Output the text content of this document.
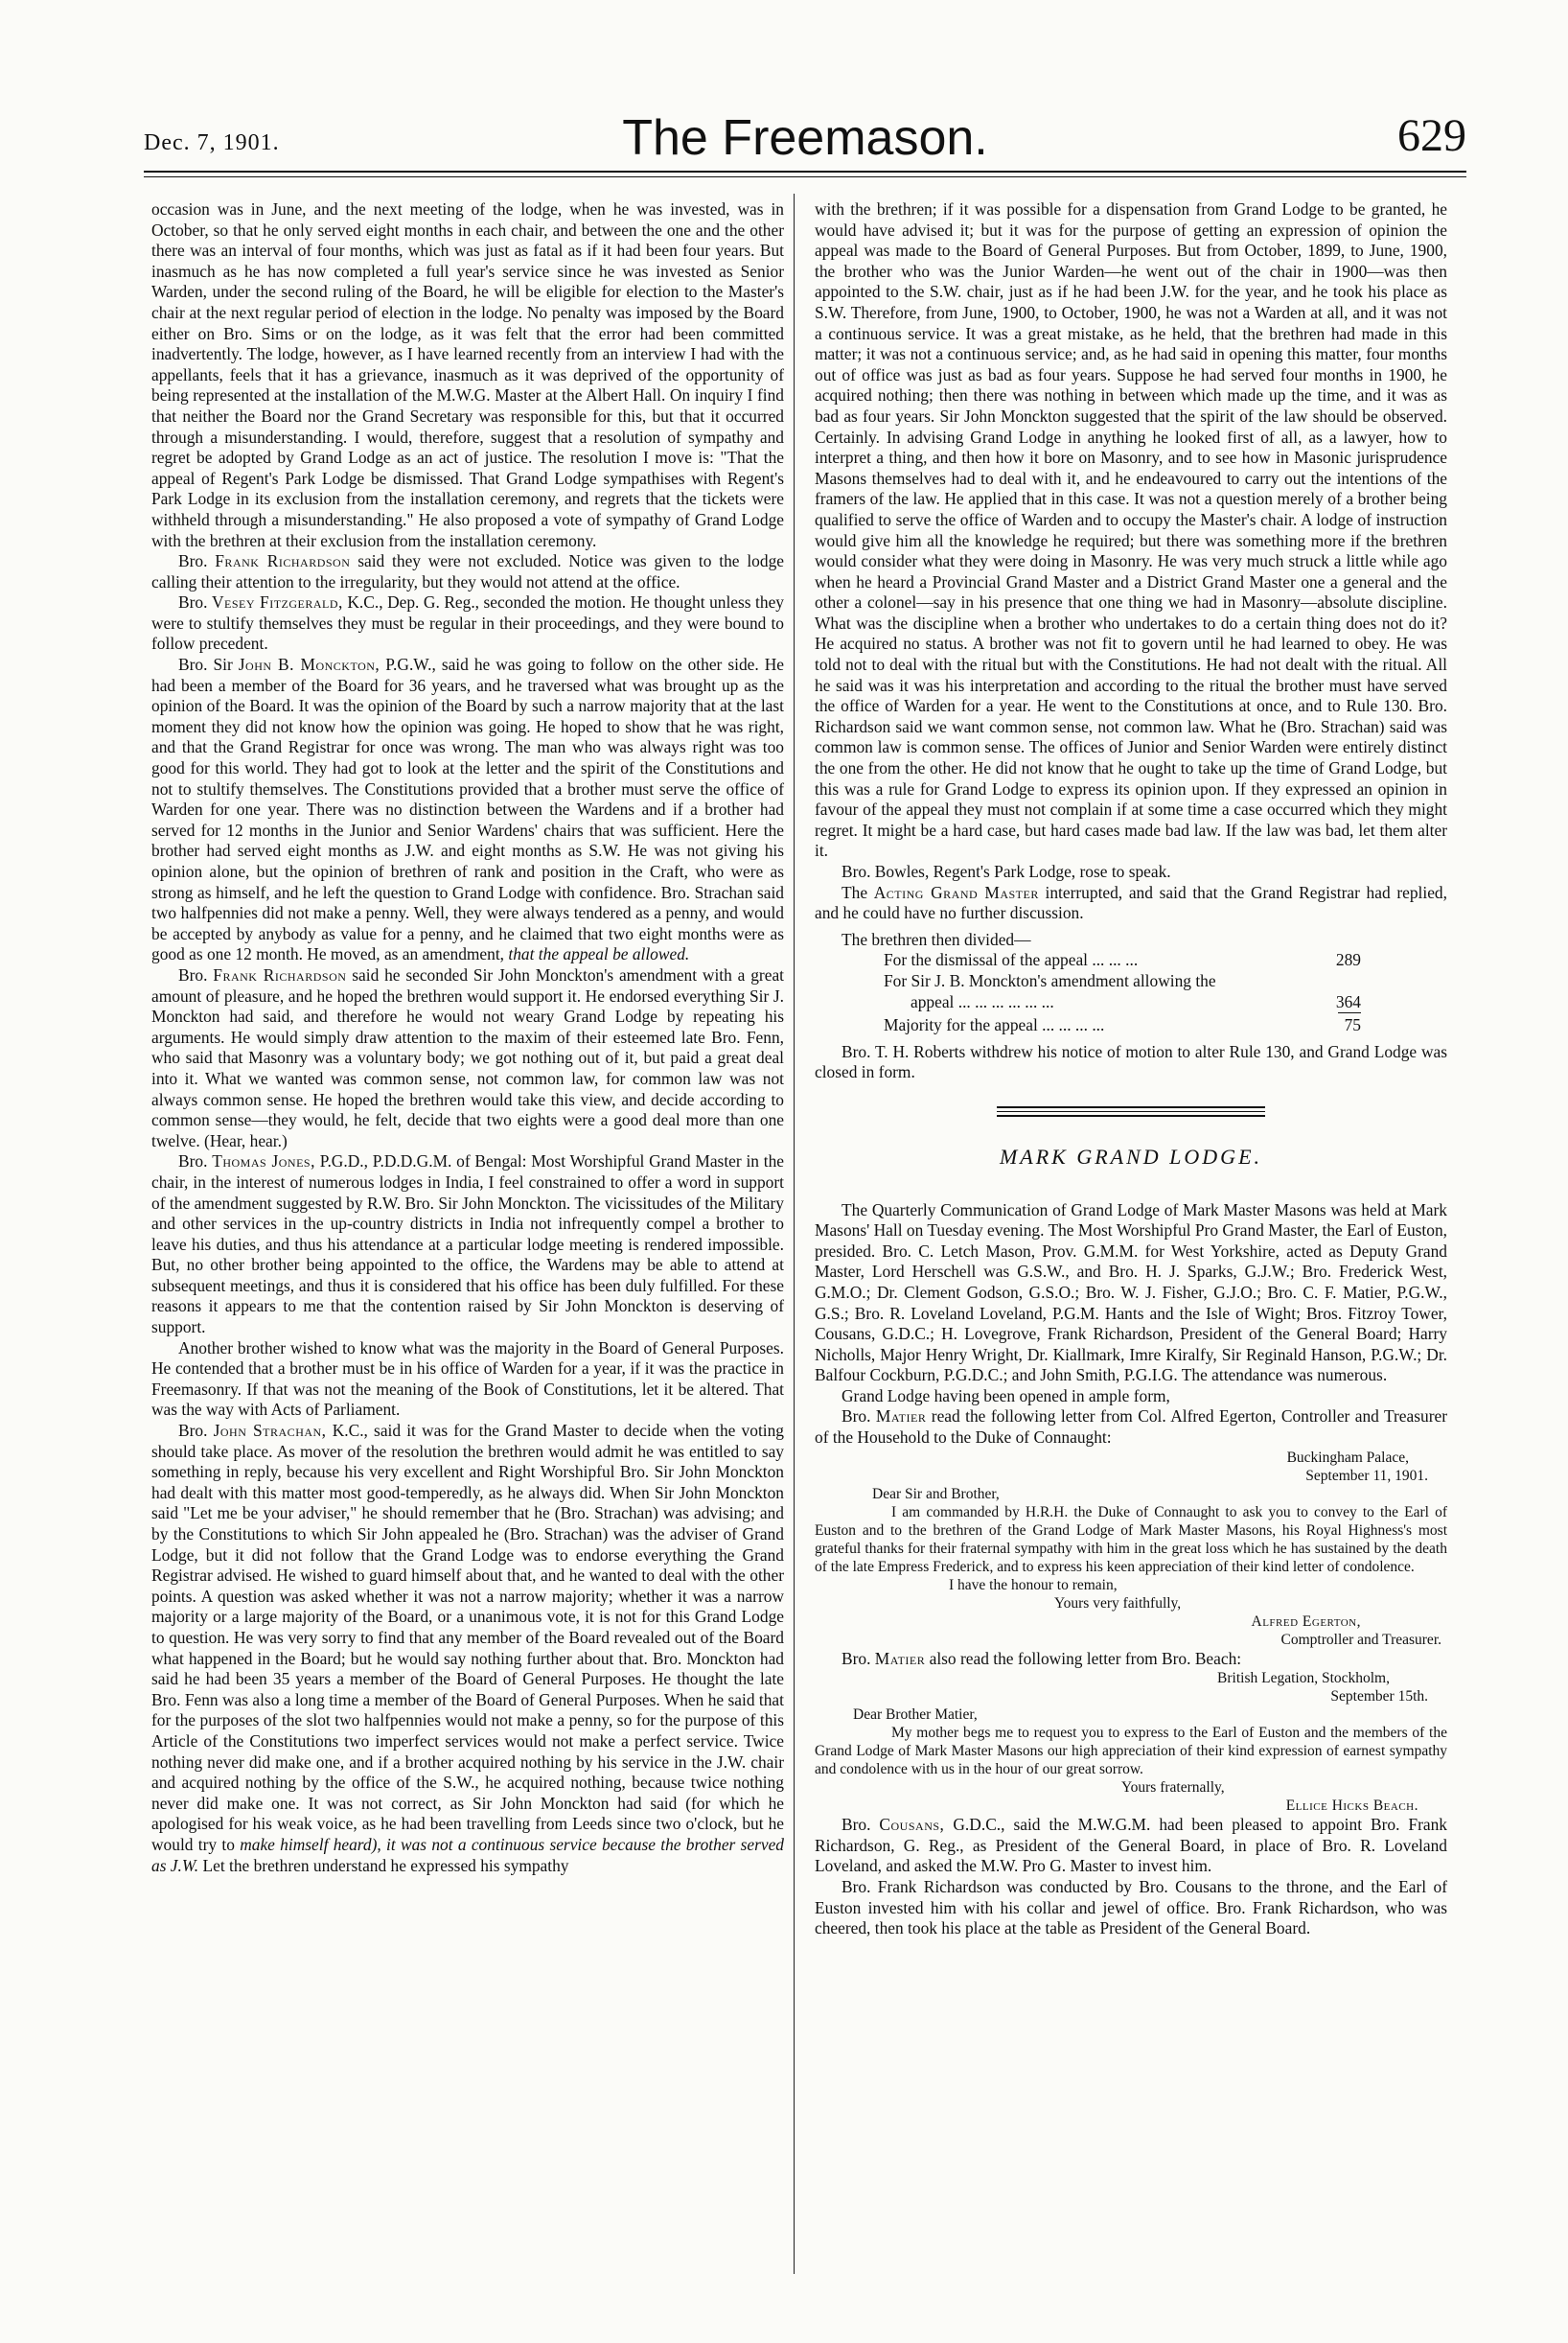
Dec. 7, 1901.	The Freemason.	629

occasion was in June, and the next meeting of the lodge, when he was invested, was in October, so that he only served eight months in each chair, and between the one and the other there was an interval of four months, which was just as fatal as if it had been four years. But inasmuch as he has now completed a full year's service since he was invested as Senior Warden, under the second ruling of the Board, he will be eligible for election to the Master's chair at the next regular period of election in the lodge. No penalty was imposed by the Board either on Bro. Sims or on the lodge, as it was felt that the error had been committed inadvertently. The lodge, however, as I have learned recently from an interview I had with the appellants, feels that it has a grievance, inasmuch as it was deprived of the opportunity of being represented at the installation of the M.W.G. Master at the Albert Hall. On inquiry I find that neither the Board nor the Grand Secretary was responsible for this, but that it occurred through a misunderstanding. I would, therefore, suggest that a resolution of sympathy and regret be adopted by Grand Lodge as an act of justice. The resolution I move is: "That the appeal of Regent's Park Lodge be dismissed. That Grand Lodge sympathises with Regent's Park Lodge in its exclusion from the installation ceremony, and regrets that the tickets were withheld through a misunderstanding." He also proposed a vote of sympathy of Grand Lodge with the brethren at their exclusion from the installation ceremony.

Bro. Frank Richardson said they were not excluded. Notice was given to the lodge calling their attention to the irregularity, but they would not attend at the office.

Bro. Vesey Fitzgerald, K.C., Dep. G. Reg., seconded the motion. He thought unless they were to stultify themselves they must be regular in their proceedings, and they were bound to follow precedent.

Bro. Sir John B. Monckton, P.G.W., said he was going to follow on the other side. He had been a member of the Board for 36 years, and he traversed what was brought up as the opinion of the Board. It was the opinion of the Board by such a narrow majority that at the last moment they did not know how the opinion was going. He hoped to show that he was right, and that the Grand Registrar for once was wrong. The man who was always right was too good for this world. They had got to look at the letter and the spirit of the Constitutions and not to stultify themselves. The Constitutions provided that a brother must serve the office of Warden for one year. There was no distinction between the Wardens and if a brother had served for 12 months in the Junior and Senior Wardens' chairs that was sufficient. Here the brother had served eight months as J.W. and eight months as S.W. He was not giving his opinion alone, but the opinion of brethren of rank and position in the Craft, who were as strong as himself, and he left the question to Grand Lodge with confidence. Bro. Strachan said two halfpennies did not make a penny. Well, they were always tendered as a penny, and would be accepted by anybody as value for a penny, and he claimed that two eight months were as good as one 12 month. He moved, as an amendment, that the appeal be allowed.

Bro. Frank Richardson said he seconded Sir John Monckton's amendment with a great amount of pleasure, and he hoped the brethren would support it. He endorsed everything Sir J. Monckton had said, and therefore he would not weary Grand Lodge by repeating his arguments. He would simply draw attention to the maxim of their esteemed late Bro. Fenn, who said that Masonry was a voluntary body; we got nothing out of it, but paid a great deal into it. What we wanted was common sense, not common law, for common law was not always common sense. He hoped the brethren would take this view, and decide according to common sense—they would, he felt, decide that two eights were a good deal more than one twelve. (Hear, hear.)

Bro. Thomas Jones, P.G.D., P.D.D.G.M. of Bengal: Most Worshipful Grand Master in the chair, in the interest of numerous lodges in India, I feel constrained to offer a word in support of the amendment suggested by R.W. Bro. Sir John Monckton. The vicissitudes of the Military and other services in the up-country districts in India not infrequently compel a brother to leave his duties, and thus his attendance at a particular lodge meeting is rendered impossible. But, no other brother being appointed to the office, the Wardens may be able to attend at subsequent meetings, and thus it is considered that his office has been duly fulfilled. For these reasons it appears to me that the contention raised by Sir John Monckton is deserving of support.

Another brother wished to know what was the majority in the Board of General Purposes. He contended that a brother must be in his office of Warden for a year, if it was the practice in Freemasonry. If that was not the meaning of the Book of Constitutions, let it be altered. That was the way with Acts of Parliament.

Bro. John Strachan, K.C., said it was for the Grand Master to decide when the voting should take place. As mover of the resolution the brethren would admit he was entitled to say something in reply, because his very excellent and Right Worshipful Bro. Sir John Monckton had dealt with this matter most good-temperedly, as he always did. When Sir John Monckton said "Let me be your adviser," he should remember that he (Bro. Strachan) was advising; and by the Constitutions to which Sir John appealed he (Bro. Strachan) was the adviser of Grand Lodge, but it did not follow that the Grand Lodge was to endorse everything the Grand Registrar advised. He wished to guard himself about that, and he wanted to deal with the other points. A question was asked whether it was not a narrow majority; whether it was a narrow majority or a large majority of the Board, or a unanimous vote, it is not for this Grand Lodge to question. He was very sorry to find that any member of the Board revealed out of the Board what happened in the Board; but he would say nothing further about that. Bro. Monckton had said he had been 35 years a member of the Board of General Purposes. He thought the late Bro. Fenn was also a long time a member of the Board of General Purposes. When he said that for the purposes of the slot two halfpennies would not make a penny, so for the purpose of this Article of the Constitutions two imperfect services would not make a perfect service. Twice nothing never did make one, and if a brother acquired nothing by his service in the J.W. chair and acquired nothing by the office of the S.W., he acquired nothing, because twice nothing never did make one. It was not correct, as Sir John Monckton had said (for which he apologised for his weak voice, as he had been travelling from Leeds since two o'clock, but he would try to make himself heard), it was not a continuous service because the brother served as J.W. Let the brethren understand he expressed his sympathy

with the brethren; if it was possible for a dispensation from Grand Lodge to be granted, he would have advised it; but it was for the purpose of getting an expression of opinion the appeal was made to the Board of General Purposes. But from October, 1899, to June, 1900, the brother who was the Junior Warden—he went out of the chair in 1900—was then appointed to the S.W. chair, just as if he had been J.W. for the year, and he took his place as S.W. Therefore, from June, 1900, to October, 1900, he was not a Warden at all, and it was not a continuous service. It was a great mistake, as he held, that the brethren had made in this matter; it was not a continuous service; and, as he had said in opening this matter, four months out of office was just as bad as four years. Suppose he had served four months in 1900, he acquired nothing; then there was nothing in between which made up the time, and it was as bad as four years. Sir John Monckton suggested that the spirit of the law should be observed. Certainly. In advising Grand Lodge in anything he looked first of all, as a lawyer, how to interpret a thing, and then how it bore on Masonry, and to see how in Masonic jurisprudence Masons themselves had to deal with it, and he endeavoured to carry out the intentions of the framers of the law. He applied that in this case. It was not a question merely of a brother being qualified to serve the office of Warden and to occupy the Master's chair. A lodge of instruction would give him all the knowledge he required; but there was something more if the brethren would consider what they were doing in Masonry. He was very much struck a little while ago when he heard a Provincial Grand Master and a District Grand Master one a general and the other a colonel—say in his presence that one thing we had in Masonry—absolute discipline. What was the discipline when a brother who undertakes to do a certain thing does not do it? He acquired no status. A brother was not fit to govern until he had learned to obey. He was told not to deal with the ritual but with the Constitutions. He had not dealt with the ritual. All he said was it was his interpretation and according to the ritual the brother must have served the office of Warden for a year. He went to the Constitutions at once, and to Rule 130. Bro. Richardson said we want common sense, not common law. What he (Bro. Strachan) said was common law is common sense. The offices of Junior and Senior Warden were entirely distinct the one from the other. He did not know that he ought to take up the time of Grand Lodge, but this was a rule for Grand Lodge to express its opinion upon. If they expressed an opinion in favour of the appeal they must not complain if at some time a case occurred which they might regret. It might be a hard case, but hard cases made bad law. If the law was bad, let them alter it.

Bro. Bowles, Regent's Park Lodge, rose to speak.

The Acting Grand Master interrupted, and said that the Grand Registrar had replied, and he could have no further discussion.

The brethren then divided—
For the dismissal of the appeal ... ... ...	289
For Sir J. B. Monckton's amendment allowing the
appeal ... ... ... ... ... ...	364
Majority for the appeal ... ... ... ...	75

Bro. T. H. Roberts withdrew his notice of motion to alter Rule 130, and Grand Lodge was closed in form.

MARK GRAND LODGE.

The Quarterly Communication of Grand Lodge of Mark Master Masons was held at Mark Masons' Hall on Tuesday evening. The Most Worshipful Pro Grand Master, the Earl of Euston, presided. Bro. C. Letch Mason, Prov. G.M.M. for West Yorkshire, acted as Deputy Grand Master, Lord Herschell was G.S.W., and Bro. H. J. Sparks, G.J.W.; Bro. Frederick West, G.M.O.; Dr. Clement Godson, G.S.O.; Bro. W. J. Fisher, G.J.O.; Bro. C. F. Matier, P.G.W., G.S.; Bro. R. Loveland Loveland, P.G.M. Hants and the Isle of Wight; Bros. Fitzroy Tower, Cousans, G.D.C.; H. Lovegrove, Frank Richardson, President of the General Board; Harry Nicholls, Major Henry Wright, Dr. Kiallmark, Imre Kiralfy, Sir Reginald Hanson, P.G.W.; Dr. Balfour Cockburn, P.G.D.C.; and John Smith, P.G.I.G. The attendance was numerous.

Grand Lodge having been opened in ample form,

Bro. Matier read the following letter from Col. Alfred Egerton, Controller and Treasurer of the Household to the Duke of Connaught:

Buckingham Palace,

September 11, 1901.

Dear Sir and Brother,

I am commanded by H.R.H. the Duke of Connaught to ask you to convey to the Earl of Euston and to the brethren of the Grand Lodge of Mark Master Masons, his Royal Highness's most grateful thanks for their fraternal sympathy with him in the great loss which he has sustained by the death of the late Empress Frederick, and to express his keen appreciation of their kind letter of condolence.

I have the honour to remain,

Yours very faithfully,

Alfred Egerton,

Comptroller and Treasurer.

Bro. Matier also read the following letter from Bro. Beach:

British Legation, Stockholm,

September 15th.

Dear Brother Matier,

My mother begs me to request you to express to the Earl of Euston and the members of the Grand Lodge of Mark Master Masons our high appreciation of their kind expression of earnest sympathy and condolence with us in the hour of our great sorrow.

Yours fraternally,

Ellice Hicks Beach.

Bro. Cousans, G.D.C., said the M.W.G.M. had been pleased to appoint Bro. Frank Richardson, G. Reg., as President of the General Board, in place of Bro. R. Loveland Loveland, and asked the M.W. Pro G. Master to invest him.

Bro. Frank Richardson was conducted by Bro. Cousans to the throne, and the Earl of Euston invested him with his collar and jewel of office. Bro. Frank Richardson, who was cheered, then took his place at the table as President of the General Board.
